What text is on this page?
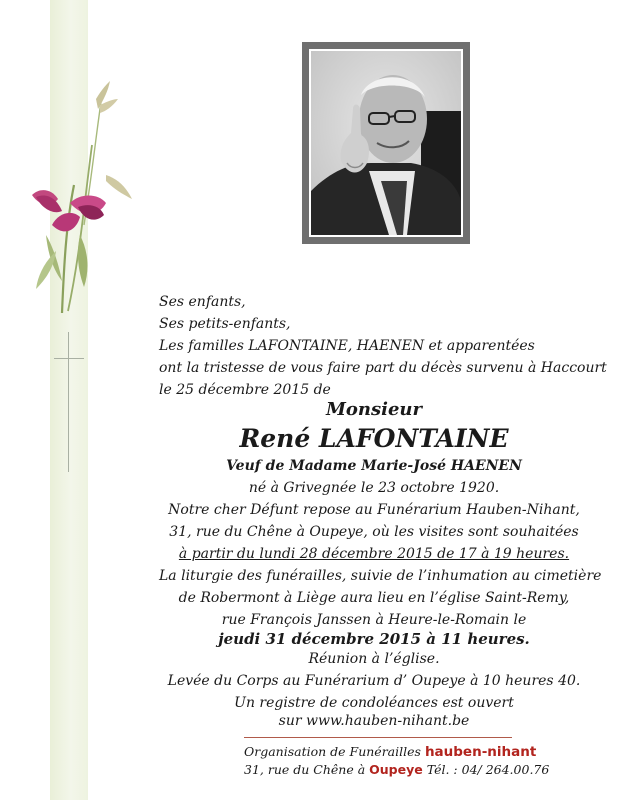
Ses enfants,

Ses petits-enfants,

Les familles LAFONTAINE, HAENEN et apparentées

ont la tristesse de vous faire part du décès survenu à Haccourt

le 25 décembre 2015 de

Monsieur

René LAFONTAINE

Veuf de Madame Marie-José HAENEN

né à Grivegnée le 23 octobre 1920.

Notre cher Défunt repose au Funérarium Hauben-Nihant,

31, rue du Chêne à Oupeye, où les visites sont souhaitées

à partir du lundi 28 décembre 2015 de 17 à 19 heures.

La liturgie des funérailles, suivie de l’inhumation au cimetière

de Robermont à Liège aura lieu en l’église Saint-Remy,

rue François Janssen à Heure-le-Romain le

jeudi 31 décembre 2015 à 11 heures.

Réunion à l’église.

Levée du Corps au Funérarium d’ Oupeye à 10 heures 40.

Un registre de condoléances est ouvert

sur www.hauben-nihant.be

Organisation de Funérailles hauben-nihant

31, rue du Chêne à Oupeye Tél. : 04/ 264.00.76
